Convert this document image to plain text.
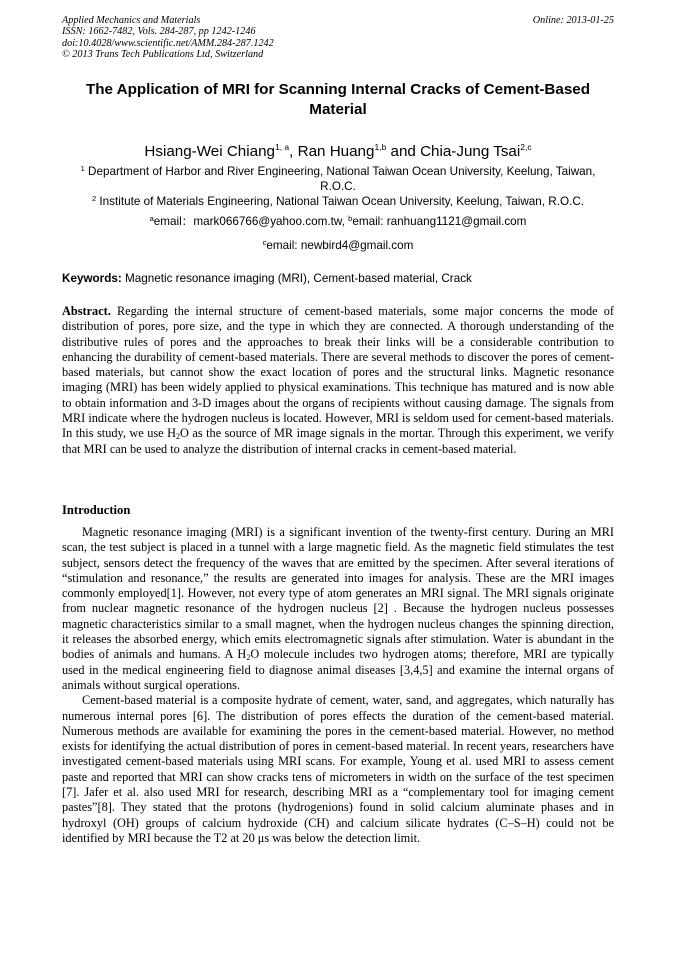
Applied Mechanics and Materials
ISSN: 1662-7482, Vols. 284-287, pp 1242-1246
doi:10.4028/www.scientific.net/AMM.284-287.1242
© 2013 Trans Tech Publications Ltd, Switzerland
Online: 2013-01-25
The Application of MRI for Scanning Internal Cracks of Cement-Based Material
Hsiang-Wei Chiang$^{1, a}$, Ran Huang$^{1,b}$ and Chia-Jung Tsai$^{2,c}$
$^1$ Department of Harbor and River Engineering, National Taiwan Ocean University, Keelung, Taiwan, R.O.C.
$^2$ Institute of Materials Engineering, National Taiwan Ocean University, Keelung, Taiwan, R.O.C.
$^a$email：mark066766@yahoo.com.tw, $^b$email: ranhuang1121@gmail.com
$^c$email: newbird4@gmail.com
Keywords: Magnetic resonance imaging (MRI), Cement-based material, Crack
Abstract. Regarding the internal structure of cement-based materials, some major concerns the mode of distribution of pores, pore size, and the type in which they are connected. A thorough understanding of the distributive rules of pores and the approaches to break their links will be a considerable contribution to enhancing the durability of cement-based materials. There are several methods to discover the pores of cement-based materials, but cannot show the exact location of pores and the structural links. Magnetic resonance imaging (MRI) has been widely applied to physical examinations. This technique has matured and is now able to obtain information and 3-D images about the organs of recipients without causing damage. The signals from MRI indicate where the hydrogen nucleus is located. However, MRI is seldom used for cement-based materials. In this study, we use $H_2O$ as the source of MR image signals in the mortar. Through this experiment, we verify that MRI can be used to analyze the distribution of internal cracks in cement-based material.
Introduction

Magnetic resonance imaging (MRI) is a significant invention of the twenty-first century. During an MRI scan, the test subject is placed in a tunnel with a large magnetic field. As the magnetic field stimulates the test subject, sensors detect the frequency of the waves that are emitted by the specimen. After several iterations of “stimulation and resonance,” the results are generated into images for analysis. These are the MRI images commonly employed[1]. However, not every type of atom generates an MRI signal. The MRI signals originate from nuclear magnetic resonance of the hydrogen nucleus [2] . Because the hydrogen nucleus possesses magnetic characteristics similar to a small magnet, when the hydrogen nucleus changes the spinning direction, it releases the absorbed energy, which emits electromagnetic signals after stimulation. Water is abundant in the bodies of animals and humans. A $H_2O$ molecule includes two hydrogen atoms; therefore, MRI are typically used in the medical engineering field to diagnose animal diseases [3,4,5] and examine the internal organs of animals without surgical operations.

Cement-based material is a composite hydrate of cement, water, sand, and aggregates, which naturally has numerous internal pores [6]. The distribution of pores effects the duration of the cement-based material. Numerous methods are available for examining the pores in the cement-based material. However, no method exists for identifying the actual distribution of pores in cement-based material. In recent years, researchers have investigated cement-based materials using MRI scans. For example, Young et al. used MRI to assess cement paste and reported that MRI can show cracks tens of micrometers in width on the surface of the test specimen [7]. Jafer et al. also used MRI for research, describing MRI as a “complementary tool for imaging cement pastes”[8]. They stated that the protons (hydrogenions) found in solid calcium aluminate phases and in hydroxyl (OH) groups of calcium hydroxide (CH) and calcium silicate hydrates (C–S–H) could not be identified by MRI because the T2 at 20 μs was below the detection limit.
